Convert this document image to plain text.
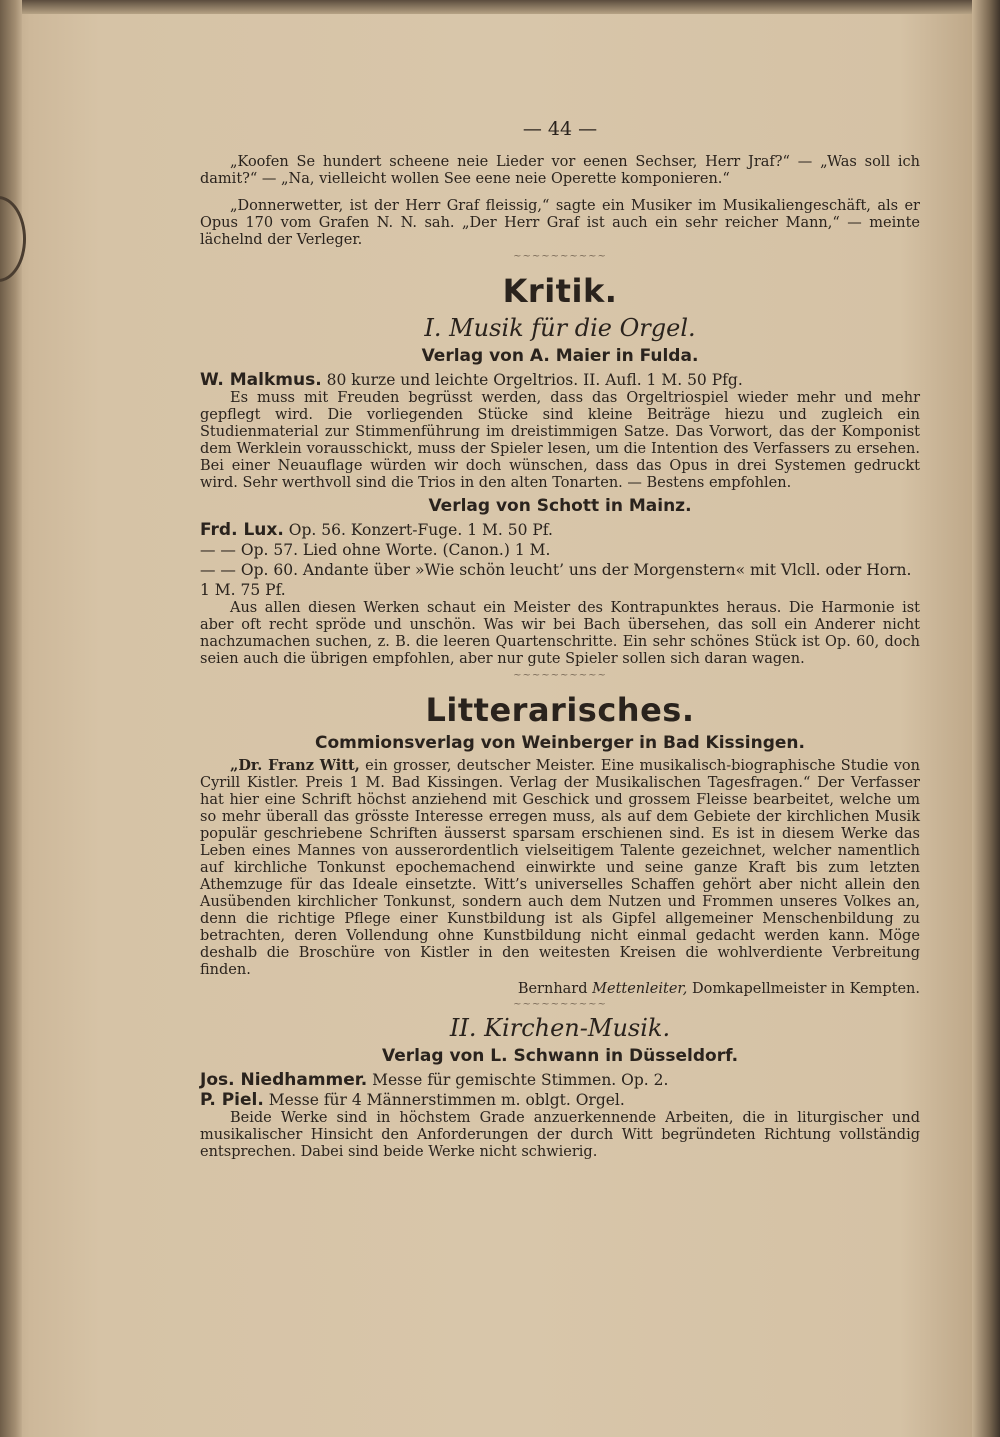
— 44 —

„Koofen Se hundert scheene neie Lieder vor eenen Sechser, Herr Jraf?“ — „Was soll ich damit?“ — „Na, vielleicht wollen See eene neie Operette komponieren.“

„Donnerwetter, ist der Herr Graf fleissig,“ sagte ein Musiker im Musikaliengeschäft, als er Opus 170 vom Grafen N. N. sah. „Der Herr Graf ist auch ein sehr reicher Mann,“ — meinte lächelnd der Verleger.

~~~~~~~~~~
Kritik.
I. Musik für die Orgel.
Verlag von A. Maier in Fulda.
W. Malkmus. 80 kurze und leichte Orgeltrios. II. Aufl. 1 M. 50 Pfg.

Es muss mit Freuden begrüsst werden, dass das Orgeltriospiel wieder mehr und mehr gepflegt wird. Die vorliegenden Stücke sind kleine Beiträge hiezu und zugleich ein Studienmaterial zur Stimmenführung im dreistimmigen Satze. Das Vorwort, das der Komponist dem Werklein vorausschickt, muss der Spieler lesen, um die Intention des Verfassers zu ersehen. Bei einer Neuauflage würden wir doch wünschen, dass das Opus in drei Systemen gedruckt wird. Sehr werthvoll sind die Trios in den alten Tonarten. — Bestens empfohlen.

Verlag von Schott in Mainz.
Frd. Lux. Op. 56. Konzert-Fuge. 1 M. 50 Pf.
— — Op. 57. Lied ohne Worte. (Canon.) 1 M.
— — Op. 60. Andante über »Wie schön leucht’ uns der Morgenstern« mit Vlcll. oder Horn. 1 M. 75 Pf.

Aus allen diesen Werken schaut ein Meister des Kontrapunktes heraus. Die Harmonie ist aber oft recht spröde und unschön. Was wir bei Bach übersehen, das soll ein Anderer nicht nachzumachen suchen, z. B. die leeren Quartenschritte. Ein sehr schönes Stück ist Op. 60, doch seien auch die übrigen empfohlen, aber nur gute Spieler sollen sich daran wagen.

~~~~~~~~~~
Litterarisches.
Commionsverlag von Weinberger in Bad Kissingen.

„Dr. Franz Witt, ein grosser, deutscher Meister. Eine musikalisch-biographische Studie von Cyrill Kistler. Preis 1 M. Bad Kissingen. Verlag der Musikalischen Tagesfragen.“ Der Verfasser hat hier eine Schrift höchst anziehend mit Geschick und grossem Fleisse bearbeitet, welche um so mehr überall das grösste Interesse erregen muss, als auf dem Gebiete der kirchlichen Musik populär geschriebene Schriften äusserst sparsam erschienen sind. Es ist in diesem Werke das Leben eines Mannes von ausserordentlich vielseitigem Talente gezeichnet, welcher namentlich auf kirchliche Tonkunst epochemachend einwirkte und seine ganze Kraft bis zum letzten Athemzuge für das Ideale einsetzte. Witt’s universelles Schaffen gehört aber nicht allein den Ausübenden kirchlicher Tonkunst, sondern auch dem Nutzen und Frommen unseres Volkes an, denn die richtige Pflege einer Kunstbildung ist als Gipfel allgemeiner Menschenbildung zu betrachten, deren Vollendung ohne Kunstbildung nicht einmal gedacht werden kann. Möge deshalb die Broschüre von Kistler in den weitesten Kreisen die wohlverdiente Verbreitung finden.

Bernhard Mettenleiter, Domkapellmeister in Kempten.
~~~~~~~~~~
II. Kirchen-Musik.
Verlag von L. Schwann in Düsseldorf.
Jos. Niedhammer. Messe für gemischte Stimmen. Op. 2.
P. Piel. Messe für 4 Männerstimmen m. oblgt. Orgel.

Beide Werke sind in höchstem Grade anzuerkennende Arbeiten, die in liturgischer und musikalischer Hinsicht den Anforderungen der durch Witt begründeten Richtung vollständig entsprechen. Dabei sind beide Werke nicht schwierig.
